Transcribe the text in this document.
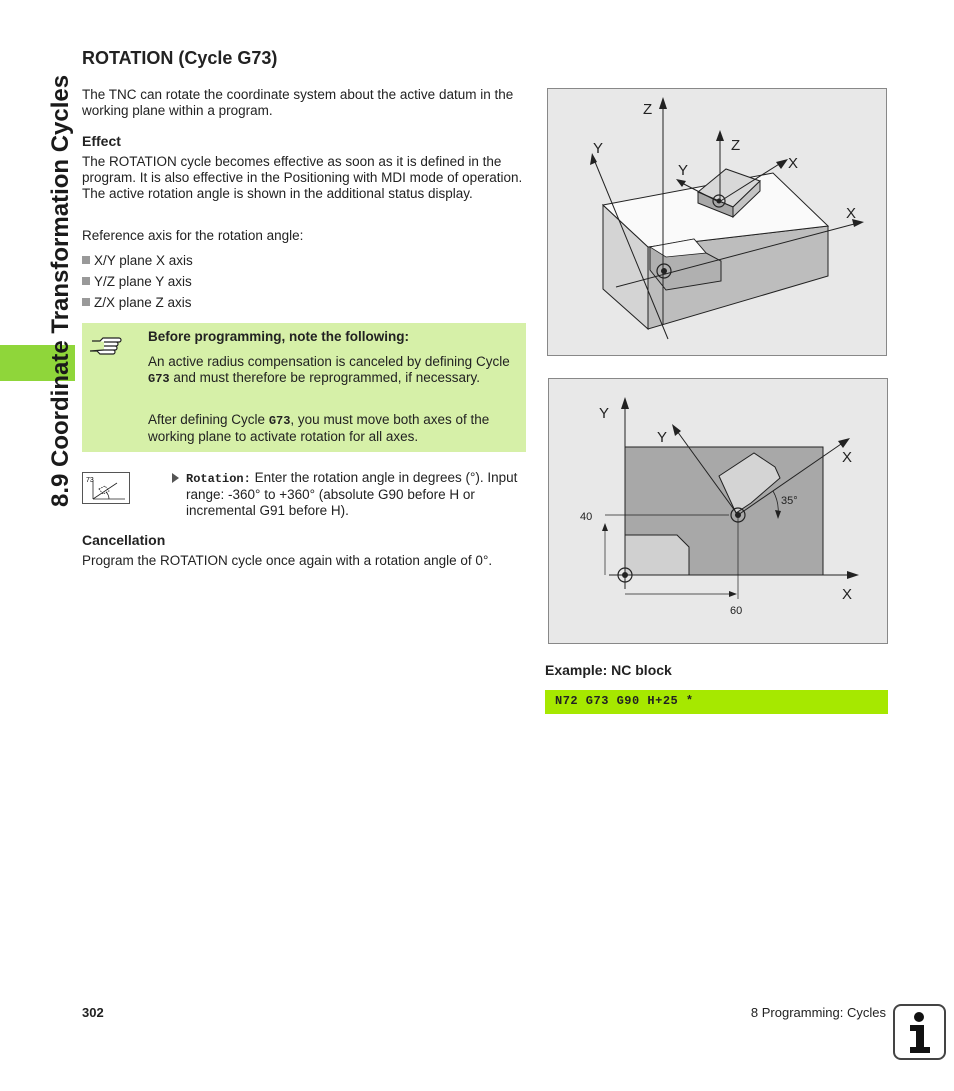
8.9 Coordinate Transformation Cycles
ROTATION (Cycle G73)

The TNC can rotate the coordinate system about the active datum in the working plane within a program.

Effect

The ROTATION cycle becomes effective as soon as it is defined in the program. It is also effective in the Positioning with MDI mode of operation. The active rotation angle is shown in the additional status display.

Reference axis for the rotation angle:

X/Y plane X axis
Y/Z plane Y axis
Z/X plane Z axis
Before programming, note the following:

An active radius compensation is canceled by defining Cycle G73 and must therefore be reprogrammed, if necessary.

After defining Cycle G73, you must move both axes of the working plane to activate rotation for all axes.

73	Rotation: Enter the rotation angle in degrees (°). Input range: -360° to +360° (absolute G90 before H or incremental G91 before H).

Cancellation

Program the ROTATION cycle once again with a rotation angle of 0°.

Z
Y	Z
Y	X
X
Y
Y
X
X
35°
40
60
Example: NC block
N72 G73 G90 H+25 *
302	8 Programming: Cycles
